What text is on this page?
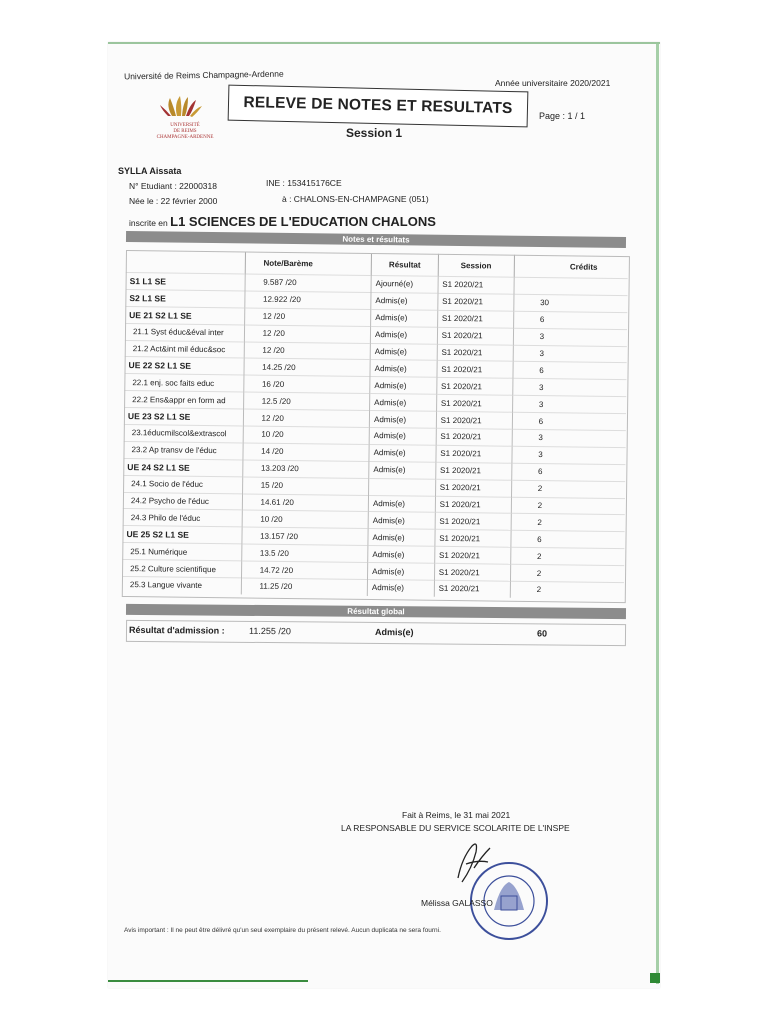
Université de Reims Champagne-Ardenne
Année universitaire 2020/2021
UNIVERSITÉ
DE REIMS
CHAMPAGNE-ARDENNE
RELEVE DE NOTES ET RESULTATS	Page : 1 / 1
Session 1
SYLLA Aissata
N° Etudiant : 22000318	INE : 153415176CE
Née le : 22 février 2000	à : CHALONS-EN-CHAMPAGNE (051)
inscrite en L1 SCIENCES DE L'EDUCATION CHALONS
Notes et résultats
	Note/Barème	Résultat	Session	Crédits
S1 L1 SE	9.587 /20	Ajourné(e)	S1 2020/21	
S2 L1 SE	12.922 /20	Admis(e)	S1 2020/21	30
UE 21 S2 L1 SE	12 /20	Admis(e)	S1 2020/21	6
21.1 Syst éduc&éval inter	12 /20	Admis(e)	S1 2020/21	3
21.2 Act&int mil éduc&soc	12 /20	Admis(e)	S1 2020/21	3
UE 22 S2 L1 SE	14.25 /20	Admis(e)	S1 2020/21	6
22.1 enj. soc faits educ	16 /20	Admis(e)	S1 2020/21	3
22.2 Ens&appr en form ad	12.5 /20	Admis(e)	S1 2020/21	3
UE 23 S2 L1 SE	12 /20	Admis(e)	S1 2020/21	6
23.1éducmilscol&extrascol	10 /20	Admis(e)	S1 2020/21	3
23.2 Ap transv de l'éduc	14 /20	Admis(e)	S1 2020/21	3
UE 24 S2 L1 SE	13.203 /20	Admis(e)	S1 2020/21	6
24.1 Socio de l'éduc	15 /20		S1 2020/21	2
24.2 Psycho de l'éduc	14.61 /20	Admis(e)	S1 2020/21	2
24.3 Philo de l'éduc	10 /20	Admis(e)	S1 2020/21	2
UE 25 S2 L1 SE	13.157 /20	Admis(e)	S1 2020/21	6
25.1 Numérique	13.5 /20	Admis(e)	S1 2020/21	2
25.2 Culture scientifique	14.72 /20	Admis(e)	S1 2020/21	2
25.3 Langue vivante	11.25 /20	Admis(e)	S1 2020/21	2
Résultat global
Résultat d'admission :	11.255 /20	Admis(e)	60
Fait à Reims, le 31 mai 2021
LA RESPONSABLE DU SERVICE SCOLARITE DE L'INSPE
Mélissa GALASSO
Avis important : Il ne peut être délivré qu'un seul exemplaire du présent relevé. Aucun duplicata ne sera fourni.
